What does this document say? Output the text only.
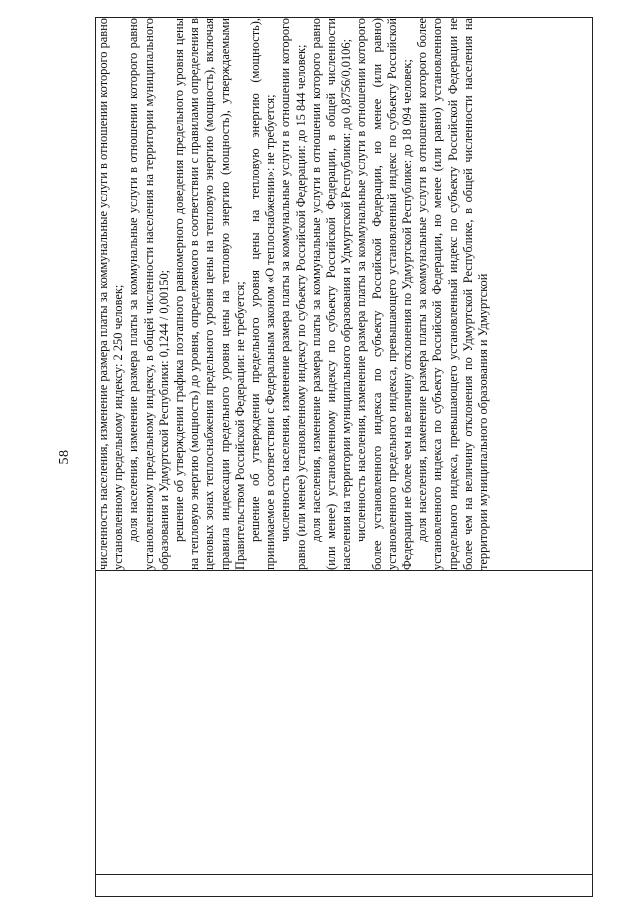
58
		численность населения, изменение размера платы за коммунальные услуги в отношении которого равно установленному предельному индексу: 2 250 человек; доля населения, изменение размера платы за коммунальные услуги в отношении которого равно установленному предельному индексу, в общей численности населения на территории муниципального образования и Удмуртской Республики: 0,1244 / 0,00150; решение об утверждении графика поэтапного равномерного доведения предельного уровня цены на тепловую энергию (мощность) до уровня, определяемого в соответствии с правилами определения в ценовых зонах теплоснабжения предельного уровня цены на тепловую энергию (мощность), включая правила индексации предельного уровня цены на тепловую энергию (мощность), утверждаемыми Правительством Российской Федерации: не требуется; решение об утверждении предельного уровня цены на тепловую энергию (мощность), принимаемое в соответствии с Федеральным законом «О теплоснабжении»: не требуется; численность населения, изменение размера платы за коммунальные услуги в отношении которого равно (или менее) установленному индексу по субъекту Российской Федерации: до 15 844 человек; доля населения, изменение размера платы за коммунальные услуги в отношении которого равно (или менее) установленному индексу по субъекту Российской Федерации, в общей численности населения на территории муниципального образования и Удмуртской Республики: до 0,8756/0,0106; численность населения, изменение размера платы за коммунальные услуги в отношении которого более установленного индекса по субъекту Российской Федерации, но менее (или равно) установленного предельного индекса, превышающего установленный индекс по субъекту Российской Федерации не более чем на величину отклонения по Удмуртской Республике: до 18 094 человек; доля населения, изменение размера платы за коммунальные услуги в отношении которого более установленного индекса по субъекту Российской Федерации, но менее (или равно) установленного предельного индекса, превышающего установленный индекс по субъекту Российской Федерации не более чем на величину отклонения по Удмуртской Республике, в общей численности населения на территории муниципального образования и Удмуртской
